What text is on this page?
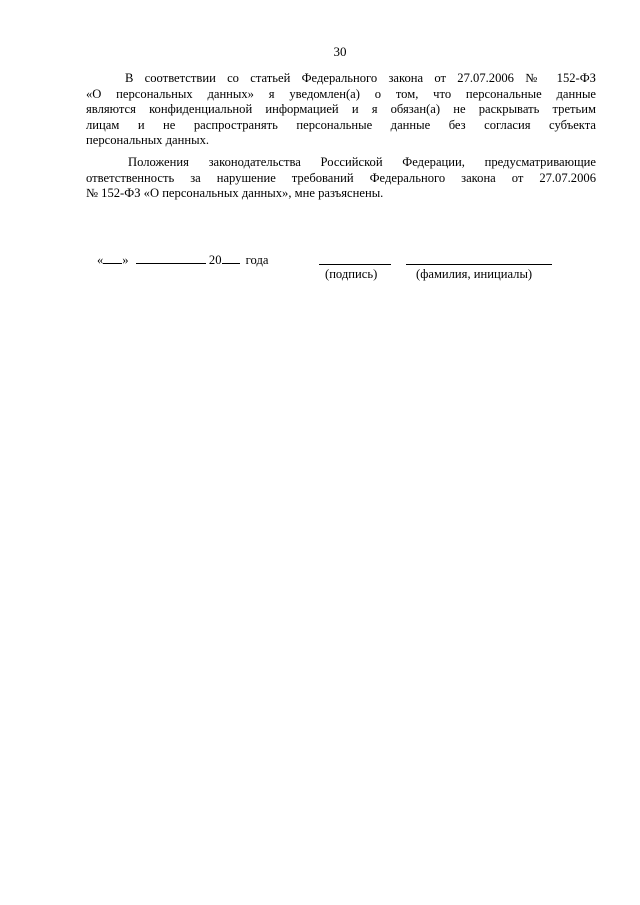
30
В соответствии со статьей Федерального закона от 27.07.2006 № 152-ФЗ
«О персональных данных» я уведомлен(а) о том, что персональные данные
являются конфиденциальной информацией и я обязан(а) не раскрывать третьим
лицам и не распространять персональные данные без согласия субъекта
персональных данных.
Положения законодательства Российской Федерации, предусматривающие
ответственность за нарушение требований Федерального закона от 27.07.2006
№ 152-ФЗ «О персональных данных», мне разъяснены.
« »	20 года
(подпись)	(фамилия, инициалы)
